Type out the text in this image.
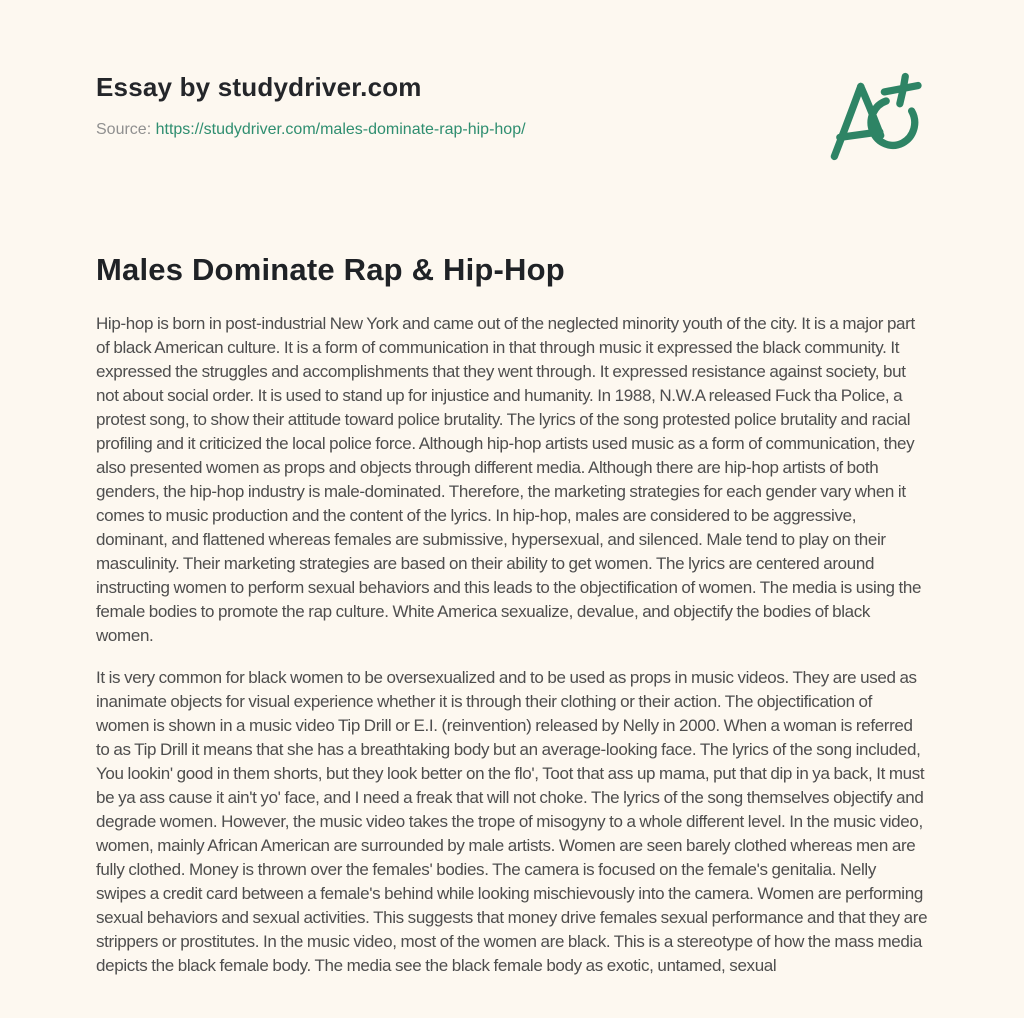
Essay by studydriver.com

Source: https://studydriver.com/males-dominate-rap-hip-hop/

Males Dominate Rap & Hip-Hop

Hip-hop is born in post-industrial New York and came out of the neglected minority youth of the city. It is a major part of black American culture. It is a form of communication in that through music it expressed the black community. It expressed the struggles and accomplishments that they went through. It expressed resistance against society, but not about social order. It is used to stand up for injustice and humanity. In 1988, N.W.A released Fuck tha Police, a protest song, to show their attitude toward police brutality. The lyrics of the song protested police brutality and racial profiling and it criticized the local police force. Although hip-hop artists used music as a form of communication, they also presented women as props and objects through different media. Although there are hip-hop artists of both genders, the hip-hop industry is male-dominated. Therefore, the marketing strategies for each gender vary when it comes to music production and the content of the lyrics. In hip-hop, males are considered to be aggressive, dominant, and flattened whereas females are submissive, hypersexual, and silenced. Male tend to play on their masculinity. Their marketing strategies are based on their ability to get women. The lyrics are centered around instructing women to perform sexual behaviors and this leads to the objectification of women. The media is using the female bodies to promote the rap culture. White America sexualize, devalue, and objectify the bodies of black women.

It is very common for black women to be oversexualized and to be used as props in music videos. They are used as inanimate objects for visual experience whether it is through their clothing or their action. The objectification of women is shown in a music video Tip Drill or E.I. (reinvention) released by Nelly in 2000. When a woman is referred to as Tip Drill it means that she has a breathtaking body but an average-looking face. The lyrics of the song included, You lookin' good in them shorts, but they look better on the flo', Toot that ass up mama, put that dip in ya back, It must be ya ass cause it ain't yo' face, and I need a freak that will not choke. The lyrics of the song themselves objectify and degrade women. However, the music video takes the trope of misogyny to a whole different level. In the music video, women, mainly African American are surrounded by male artists. Women are seen barely clothed whereas men are fully clothed. Money is thrown over the females' bodies. The camera is focused on the female's genitalia. Nelly swipes a credit card between a female's behind while looking mischievously into the camera. Women are performing sexual behaviors and sexual activities. This suggests that money drive females sexual performance and that they are strippers or prostitutes. In the music video, most of the women are black. This is a stereotype of how the mass media depicts the black female body. The media see the black female body as exotic, untamed, sexual
